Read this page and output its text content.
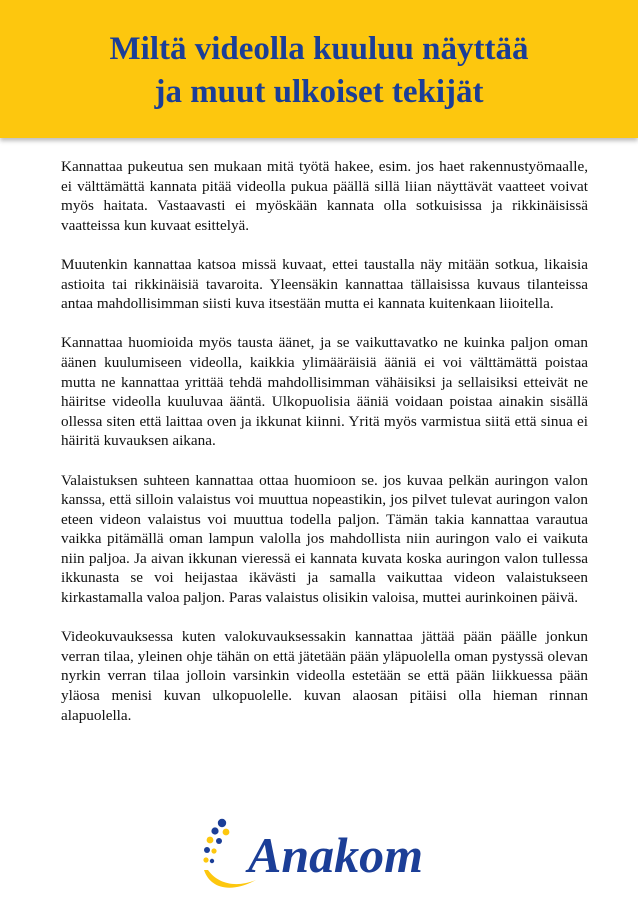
Miltä videolla kuuluu näyttää
ja muut ulkoiset tekijät

Kannattaa pukeutua sen mukaan mitä työtä hakee, esim. jos haet rakennustyömaalle, ei välttämättä kannata pitää videolla pukua päällä sillä liian näyttävät vaatteet voivat myös haitata. Vastaavasti ei myöskään kannata olla sotkuisissa ja rikkinäisissä vaatteissa kun kuvaat esittelyä.

Muutenkin kannattaa katsoa missä kuvaat, ettei taustalla näy mitään sotkua, likaisia astioita tai rikkinäisiä tavaroita. Yleensäkin kannattaa tällaisissa kuvaus tilanteissa antaa mahdollisimman siisti kuva itsestään mutta ei kannata kuitenkaan liioitella.

Kannattaa huomioida myös tausta äänet, ja se vaikuttavatko ne kuinka paljon oman äänen kuulumiseen videolla, kaikkia ylimääräisiä ääniä ei voi välttämättä poistaa mutta ne kannattaa yrittää tehdä mahdollisimman vähäisiksi ja sellaisiksi etteivät ne häiritse videolla kuuluvaa ääntä. Ulkopuolisia ääniä voidaan poistaa ainakin sisällä ollessa siten että laittaa oven ja ikkunat kiinni. Yritä myös varmistua siitä että sinua ei häiritä kuvauksen aikana.

Valaistuksen suhteen kannattaa ottaa huomioon se. jos kuvaa pelkän auringon valon kanssa, että silloin valaistus voi muuttua nopeastikin, jos pilvet tulevat auringon valon eteen videon valaistus voi muuttua todella paljon. Tämän takia kannattaa varautua vaikka pitämällä oman lampun valolla jos mahdollista niin auringon valo ei vaikuta niin paljoa. Ja aivan ikkunan vieressä ei kannata kuvata koska auringon valon tullessa ikkunasta se voi heijastaa ikävästi ja samalla vaikuttaa videon valaistukseen kirkastamalla valoa paljon. Paras valaistus olisikin valoisa, muttei aurinkoinen päivä.

Videokuvauksessa kuten valokuvauksessakin kannattaa jättää pään päälle jonkun verran tilaa, yleinen ohje tähän on että jätetään pään yläpuolella oman pystyssä olevan nyrkin verran tilaa jolloin varsinkin videolla estetään se että pään liikkuessa pään yläosa menisi kuvan ulkopuolelle. kuvan alaosan pitäisi olla hieman rinnan alapuolella.

Anakom
